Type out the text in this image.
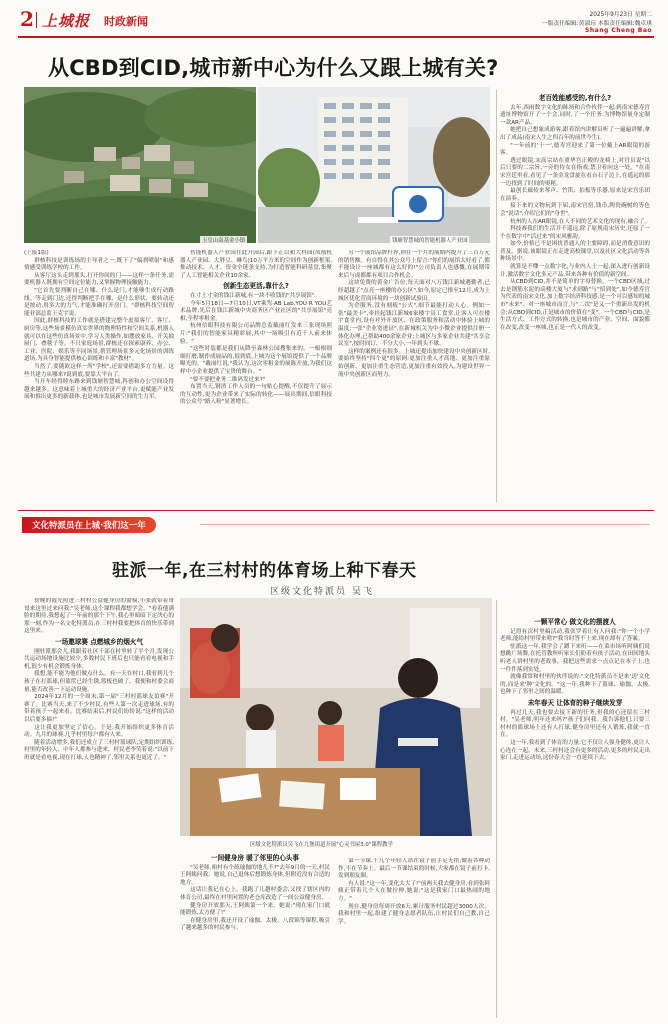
2 上城报 时政新闻	2025年9月23日 星期二
一版责任编辑:黄淑珏 本版责任编辑:魏卓琪
Shang Cheng Bao
从CBD到CID,城市新中心为什么又跟上城有关?
玉皇山南基金小镇	钱塘智慧城的智能机器人产业园

(上接1版)

群核科技是训练场的主导者之一,既下了"偏刹喷射"和感情感受训练学校的工作。

从客厅这头走到那头,打开你间的门——这样一条任务,需要机器人既拥有空间定位能力,又掌握物理接触能力。

"它首先要判断自己在哪、什么是门,才能够生成行动路线。等走到门边,还得判断把手在哪、是什么形状、要转动还是按动,用多大的力气,才能准确打开房门。"群核科技空间智能业部总监王克宇说。

因此,群核科技的工作就是搭建完整个虚拟客厅、客厅、厨房等,这些场景模仿真实世界的物理特性和空间关系,机器人就可以在这些仿真场景中,学习人类操作,如摆放家具、开关抽屉门、叠毯子等。不只家庭场景,群核还在探索康养、办公、工业、医院、娱乐等不同场景,帮管理场景多元化场景的训练道场,为具身智能提供核心训练和丰富"教材"。

当然了,要随欧这样一所"学校",还需要借助多方力量。这些共建力从哪来?说到底,要靠大平台了。

当开车经得睦东路来到钱塘智慧城,科创和办公空间设得越来越多。这意味着上城重大的经济产业平台,更赋能产业发展和推出更多的新载体,也是城市发展新空间的生力军。

智能机器人产业园在此开园后,跟下正以和大科园(凤凰机器人产业园、大胖豆、琳鸟)10万平方米的空间作为创新框架,推动技术、人才、资金全链条支持,为打造智能科研基盘,集聚了人工智能相关企业10余家。

创新生态更活,靠什么?

在寸土寸金的钱江新城,有一块不收钱的"共享展馆"。

今年5月18日—7月10日,VT乘驾·AB Lab,YOU R YOU艺术品牌,先后在钱江新城中央商务区产业社区的"共享展馆"亮相,全程零租金。

杭州信眼科技有限公司品牌总监戴丽红发来三张现场照片:"我们的智能家具精彩展,其中一场吸引有近千人前来体验。"

"这些时装都是我们从降至森林公园搜集来的。一根根细细打磨,制作成展品的,很到底,上城为这个展馆提供了一个品牌曝光的。"戴丽红说,"我认为,这次零租金的展陈开放,为我们这样中小企业提供了宝贵的舞台。"

"要不要把业务二维码发过来?"

布置当天,钢渣工作人员的一句贴心提醒,不仅提升了展示的互动性,更为企业带来了实际的转化——展出期间,信眼科技的公众号"路人粉"显著增长。

另一个展馆品牌杆界,则在一个月的展期内提升了三百万元的销售额。有自得在其公众号上留言:"你们的展馆太好看了,都不能设计一座城都有这么好的!"公司负责人也感慨,在展期带来后与成都都有项目合作机会。

这块免费的黄金广告位,每天面对八万钱江新城遇勤者,已经超越了"点亮一座楼的办公区",如今,原定已推至12月,成为上城区优化营商环境的一块创新试验田。

为企服务,没有刻板"公式",细节最能打动人心。例如一张"最美卡",牵挂起钱江新城6家楼宇员工食堂,让客人可在楼宇食堂内,设有对外开放区、在政策服务和活动中体验上城的温度;一张"企业宽进证",在新城机关为中小微企业提供注册一体化办理,已帮助400余家企业;上城区与多家企业共建"共享会议室",按时间订、不分大小,一年到头不歇。

这样的案例还有很多。上城还提出加快建设中央创新区时,要始终坚持"四个更"的原则:更加注重人才高地、更加注重原始创新、更加注重生态营造,更加注重有效投入,为建设世界一流中央创新区而努力。

老百姓能感受的,有什么?

去年,西雨数字文化的陈扬和合作伙伴一起,到南宋德寿宫遗址博物馆开了一个会,同时,了一个任务:为博物馆量身定制一款AR产品。

她把自己想象成游客,跟着馆内讲解员听了一遍遍讲解,拿出了成品(南宋人生之四百年的前世今生)。

"一年前的'十一',德寿宫迎来了第一位戴上AR眼镜的游客。

透过眼镜,宋高宗站在重华宫正殿的龙椅上,对宫员说"以后只要的二宗旨,一旁的侍女在指戏,禁卫看向这一处。"在南宋宫廷里看,看见了一条金龙盘旋在看台石子边上,在遥远的那一边找到了时间的奥秘。

最创长廊传来琴声、竹笛、拍板等乐器,原来是宋宫乐团在演奏。

接下来的文物玩到下届,南宋官窑,钱币,陶瓷碗树的等色会"说话",介绍它们的"身世"。

杭州的人在AR眼镜,在人不同的艺术文化的现有,融合了。

科技赛我们的生活并不遥远,除了原规南宋历史,还原了一个在数字中"活过来"的宋风雅韵。

如今,价格已不是困扰普通人的主要障碍,而是消费意识的普及。据说,该眼镜正在走进高校课堂,以及社区文化活动等各种场景中。

就算是不懂一点数字化,与业内人士一起,深入进行创新设计,激活数字文化多元产品,带来各种有价值的新空间。

从CBD到CID,并不是简单的字母替换。一个CBD区域,过去是钢筋水泥的高楼大厦与"求到路"与"招到处",如今德寿宫为代表的南宋文化,加上数字经济科技感,是一个可以感知的城市"未来"。对一座城市而言,与"二次"是又一个重新出发的机会;从CBD到CID,正是城市的价值在"变"。一个CBD与CID,是生活方式、工作方式的转换,也是城市的产业、空间、面貌都在改变,改变一座城,也正是一代人的改变。

文化特派员在上城·我们这一年
驻派一年,在三村村的体育场上种下春天
区级文化特派员 吴飞

傍晚的霞光照进三村村公益健身房的窗棂,小张就带着哥哥来这里过来问我:"吴老师,这个课程我都想学会。"看着他满脸的期待,我想起了一年前的那个下午,我心里暗暗下定决心的那一刻,作为一名文化特派员,在三村村我要把体育的快乐带到这里来。

一场邀球赛 点燃城乡的烟火气

刚驻派那会儿,我跟着社区干部在村里转了半个月,发现公共运动场地设施比较少,多数村民下班后也只能看看电视和手机,很少有机会锻炼身体。

我想,能不能为他们做点什么。有一天在村口,我看到几个孩子在打篮球,但篮筐已经生锈,篮板也破了。我便和村委会商量,能否改善一下运动设施。

2024年12月的一个周末,第一届"三村村篮球友谊赛"开赛了。比赛当天,来了不少村民,有些人第一次走进球场,有的带着孩子一起来看。比赛结束后,村民们纷纷说:"这样的活动以后要多搞!"

这让我更加坚定了信心。于是,我开始组织更多体育活动。九月的球赛,几乎村里每户都有人来。

随着活动增多,我们还成立了三村村篮球队,定期组织训练,村里的年轻人、中年人都参与进来。村民老李笑着说:"以前下班就是看电视,现在打球,人也精神了,邻里关系也更近了。"

区级文化特派员吴飞在九堡街道开展"心灵书屋3.0"课程教学
一间健身房 暖了邻里的心头事

"吴老师,咱村有个练瑜伽的地儿不?"去年9月的一天,村民王阿姨问我。她说,自己退休后想锻炼身体,但附近没有合适的地方。

这话让我记在心上。我跑了几趟村委会,又找了辖区内的体育公司,最终在村里闲置的老仓库改造了一间公益健身房。

健身房开放那天,王阿姨第一个来。她说:"现在家门口就能锻炼,太方便了!"

在健身房里,我还开设了瑜伽、太极、八段锦等课程,吸引了越来越多的村民参与。

第一节课,十几个年轻人站在镜子前手足无措,做着各种动作,不在节奏上。最后一节课结束的时候,大家都在镜子前打卡,发到朋友圈。

有人说:"这一年,变化太大了!"前两天我去健身房,看到张阿姨正带着几个人在做拉伸,她说:"这是我家门口最热闹的地方。"

现在,健身房每周开放6天,累计服务村民超过3000人次。我和村里一起,组建了健身志愿者队伍,让村民们自己教,自己学。

一颗平常心 做文化的摆渡人

记得有次村里搞活动,我张罗着让有人问我:"你一个小学老师,能给村里带来啥?"我当时答不上来,现在却有了答案。

驻派这一年,我学会了蹲下来听——在菜市场听阿姨们说想跳广场舞,在托管教所听家长们盼着有孩子活动,在田间地头听老人讲村里的老故事。我把这些需求一点点记在本子上,也一件件落到实处。

就像我常和村里的伙伴说的:"文化特派员不是来'送'文化的,而是来'种'文化的。"这一年,我种下了篮球、瑜伽、太极,也种下了邻里之间的温暖。

未年春天 让体育的种子继续发芽

再过几天,我也要去接下新的任务,但我的心还留在三村村。"吴老师,明年还来吗?"孩子们问我。我告诉他们,只要三村村的篮球场上还有人打球,健身房里还有人锻炼,我就一直在。

这一年,我看到了体育的力量:它不仅让人强身健体,更让人心连在一起。未来,三村村还会有更多的活动,更多的村民走出家门,走进运动场,这份春天会一直延续下去。
